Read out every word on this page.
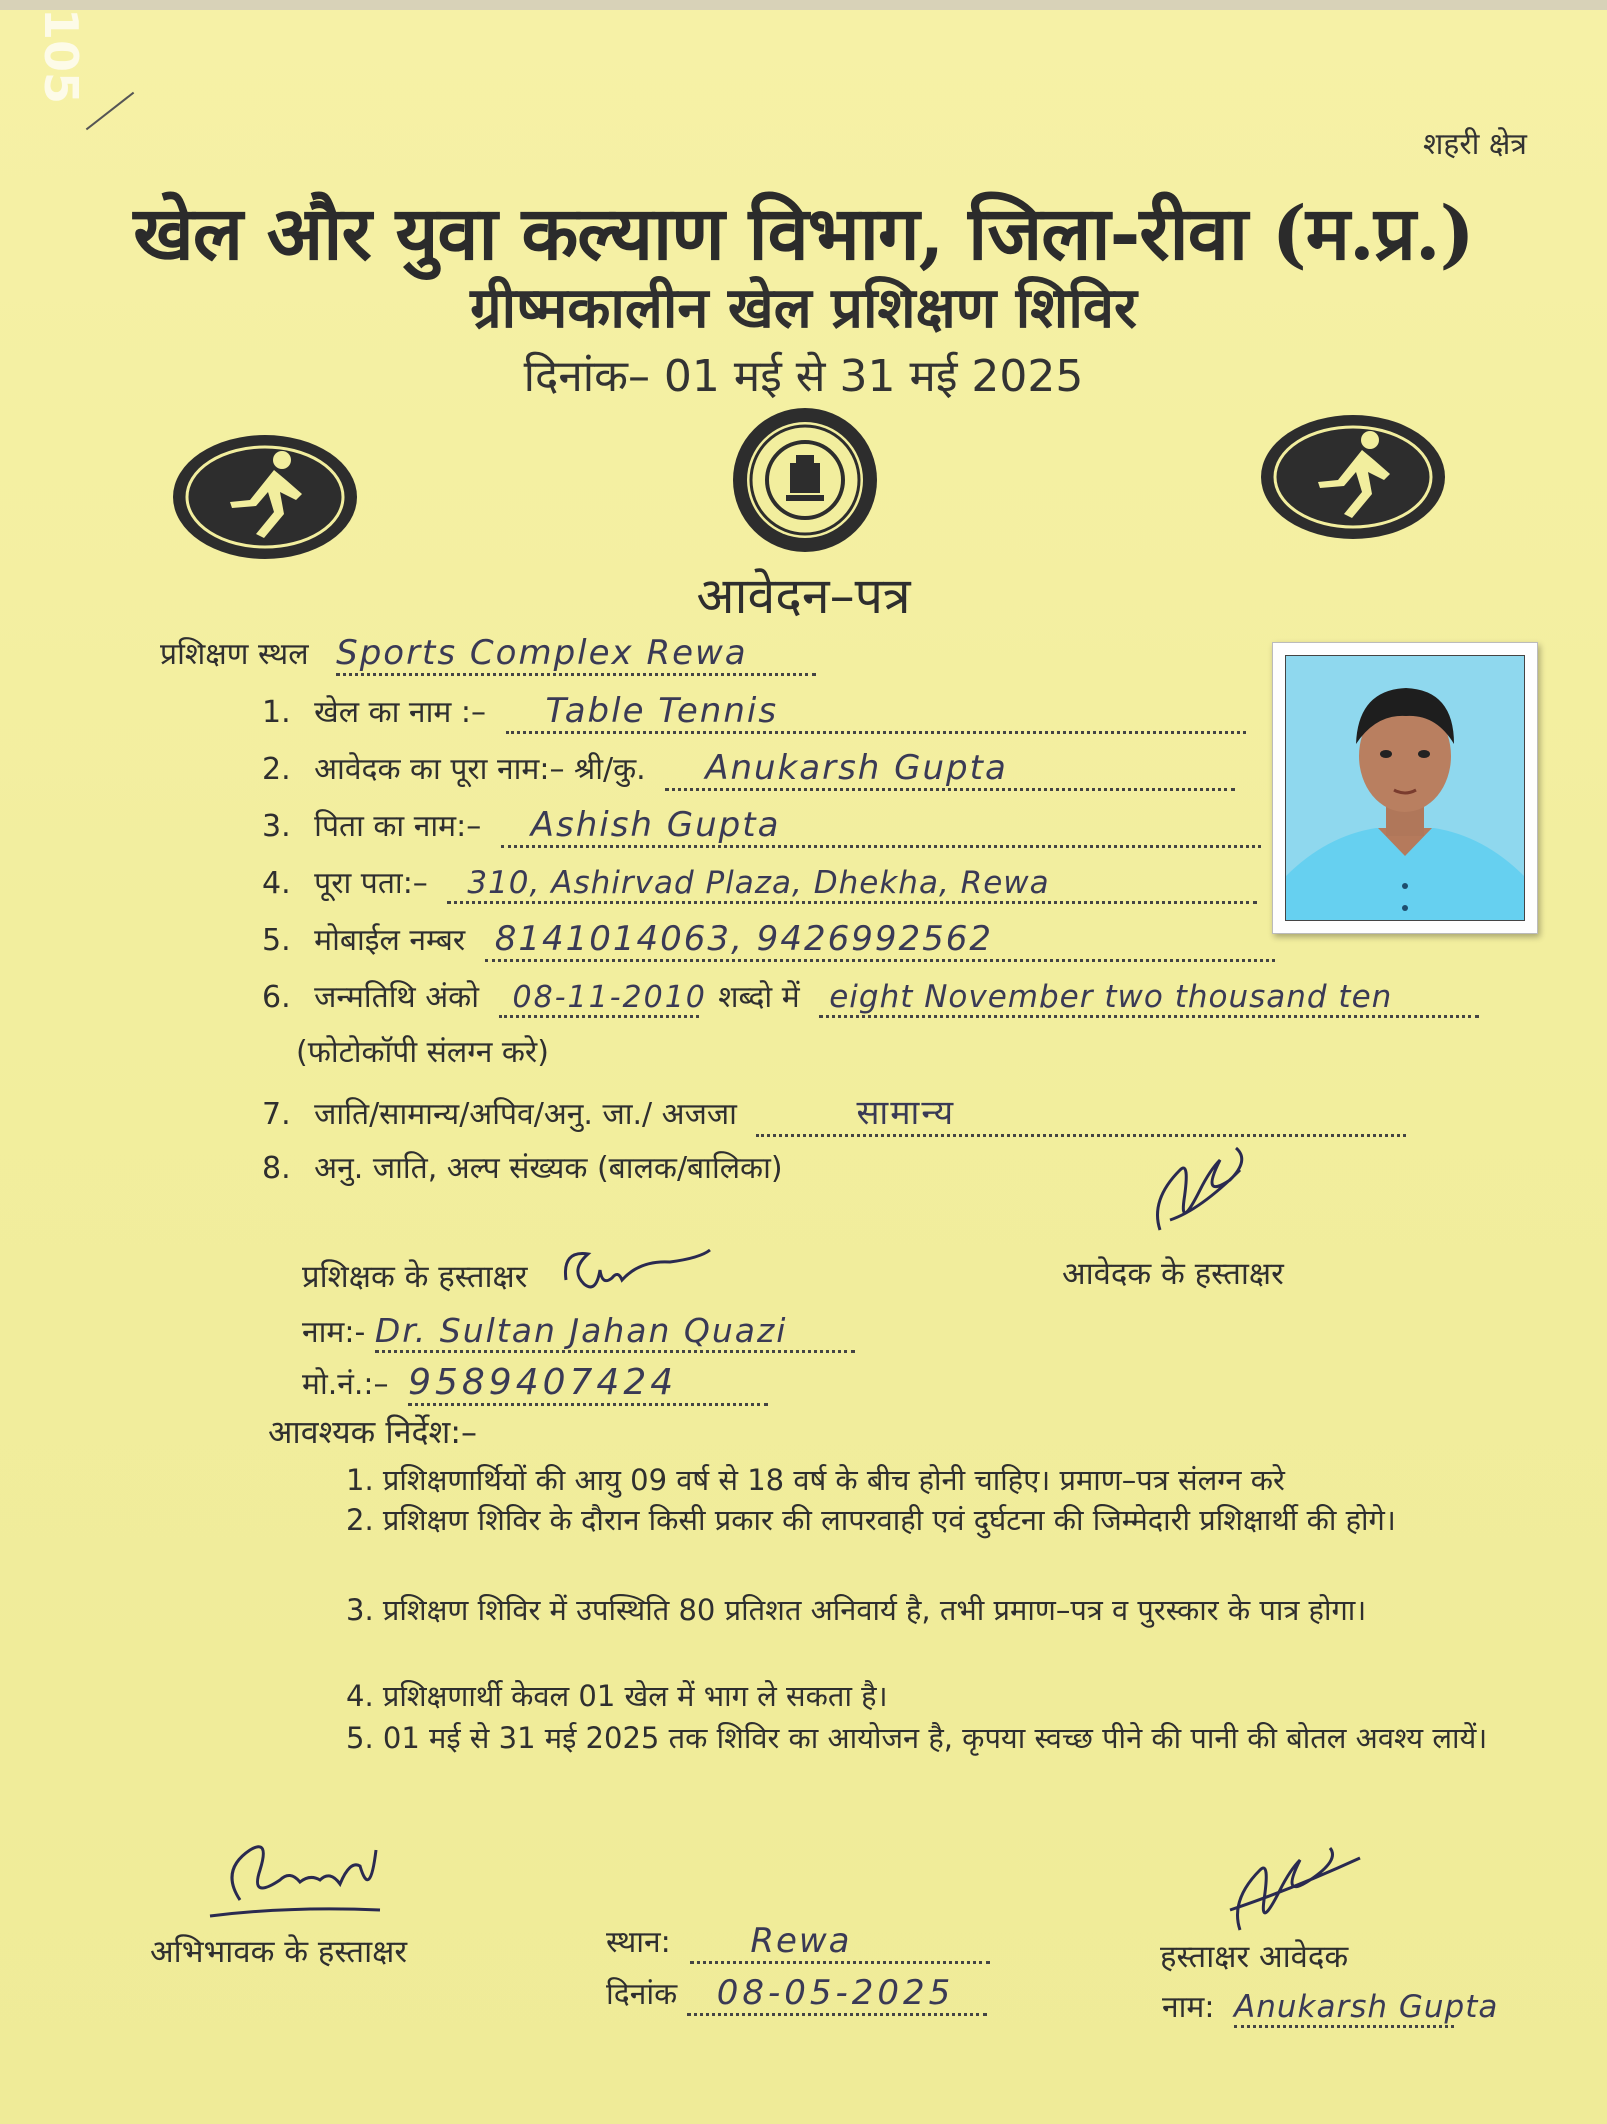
105
शहरी क्षेत्र
खेल और युवा कल्याण विभाग, जिला-रीवा (म.प्र.)
ग्रीष्मकालीन खेल प्रशिक्षण शिविर
दिनांक– 01 मई से 31 मई 2025
आवेदन–पत्र
प्रशिक्षण स्थल Sports Complex Rewa
1. खेल का नाम :– Table Tennis
2. आवेदक का पूरा नाम:– श्री/कु. Anukarsh Gupta
3. पिता का नाम:– Ashish Gupta
4. पूरा पता:– 310, Ashirvad Plaza, Dhekha, Rewa
5. मोबाईल नम्बर 8141014063, 9426992562
6. जन्मतिथि अंको 08-11-2010 शब्दो में eight November two thousand ten
(फोटोकॉपी संलग्न करे)
7. जाति/सामान्य/अपिव/अनु. जा./ अजजा	सामान्य
8. अनु. जाति, अल्प संख्यक (बालक/बालिका)
आवेदक के हस्ताक्षर
प्रशिक्षक के हस्ताक्षर
नाम:- Dr. Sultan Jahan Quazi
मो.नं.:– 9589407424
आवश्यक निर्देश:–
1. प्रशिक्षणार्थियों की आयु 09 वर्ष से 18 वर्ष के बीच होनी चाहिए। प्रमाण–पत्र संलग्न करे
2. प्रशिक्षण शिविर के दौरान किसी प्रकार की लापरवाही एवं दुर्घटना की जिम्मेदारी प्रशिक्षार्थी की होगे।
3. प्रशिक्षण शिविर में उपस्थिति 80 प्रतिशत अनिवार्य है, तभी प्रमाण–पत्र व पुरस्कार के पात्र होगा।
4. प्रशिक्षणार्थी केवल 01 खेल में भाग ले सकता है।
5. 01 मई से 31 मई 2025 तक शिविर का आयोजन है, कृपया स्वच्छ पीने की पानी की बोतल अवश्य लायें।
अभिभावक के हस्ताक्षर	स्थान: Rewa
दिनांक 08-05-2025
हस्ताक्षर आवेदक
नाम: Anukarsh Gupta
